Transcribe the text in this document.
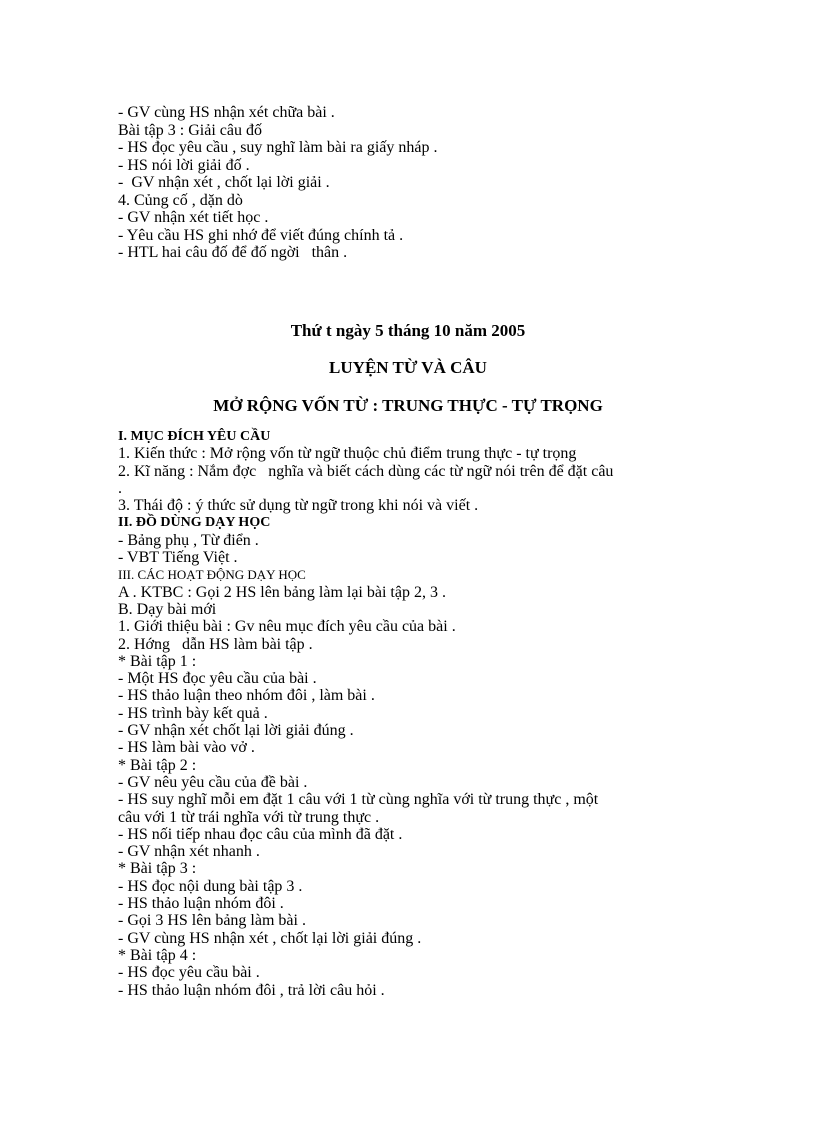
- GV cùng HS nhận xét chữa bài .

Bài tập 3 : Giải câu đố

- HS đọc yêu cầu , suy nghĩ làm bài ra giấy nháp .

- HS nói lời giải đố .

-  GV nhận xét , chốt lại lời giải .

4. Củng cố , dặn dò

- GV nhận xét tiết học .

- Yêu cầu HS ghi nhớ để viết đúng chính tả .

- HTL hai câu đố để đố ngời   thân .

Thứ t ngày 5 tháng 10 năm 2005
LUYỆN TỪ VÀ CÂU
MỞ RỘNG VỐN TỪ : TRUNG THỰC - TỰ TRỌNG

I. MỤC ĐÍCH YÊU CẦU

1. Kiến thức : Mở rộng vốn từ ngữ thuộc chủ điểm trung thực - tự trọng

2. Kĩ năng : Nắm đợc   nghĩa và biết cách dùng các từ ngữ nói trên để đặt câu

.

3. Thái độ : ý thức sử dụng từ ngữ trong khi nói và viết .

II. ĐỒ DÙNG DẠY HỌC

- Bảng phụ , Từ điển .

- VBT Tiếng Việt .

III. CÁC HOẠT ĐỘNG DẠY HỌC

A . KTBC : Gọi 2 HS lên bảng làm lại bài tập 2, 3 .

B. Dạy bài mới

1. Giới thiệu bài : Gv nêu mục đích yêu cầu của bài .

2. Hớng   dẫn HS làm bài tập .

* Bài tập 1 :

- Một HS đọc yêu cầu của bài .

- HS thảo luận theo nhóm đôi , làm bài .

- HS trình bày kết quả .

- GV nhận xét chốt lại lời giải đúng .

- HS làm bài vào vở .

* Bài tập 2 :

- GV nêu yêu cầu của đề bài .

- HS suy nghĩ mỗi em đặt 1 câu với 1 từ cùng nghĩa với từ trung thực , một

câu với 1 từ trái nghĩa với từ trung thực .

- HS nối tiếp nhau đọc câu của mình đã đặt .

- GV nhận xét nhanh .

* Bài tập 3 :

- HS đọc nội dung bài tập 3 .

- HS thảo luận nhóm đôi .

- Gọi 3 HS lên bảng làm bài .

- GV cùng HS nhận xét , chốt lại lời giải đúng .

* Bài tập 4 :

- HS đọc yêu cầu bài .

- HS thảo luận nhóm đôi , trả lời câu hỏi .
